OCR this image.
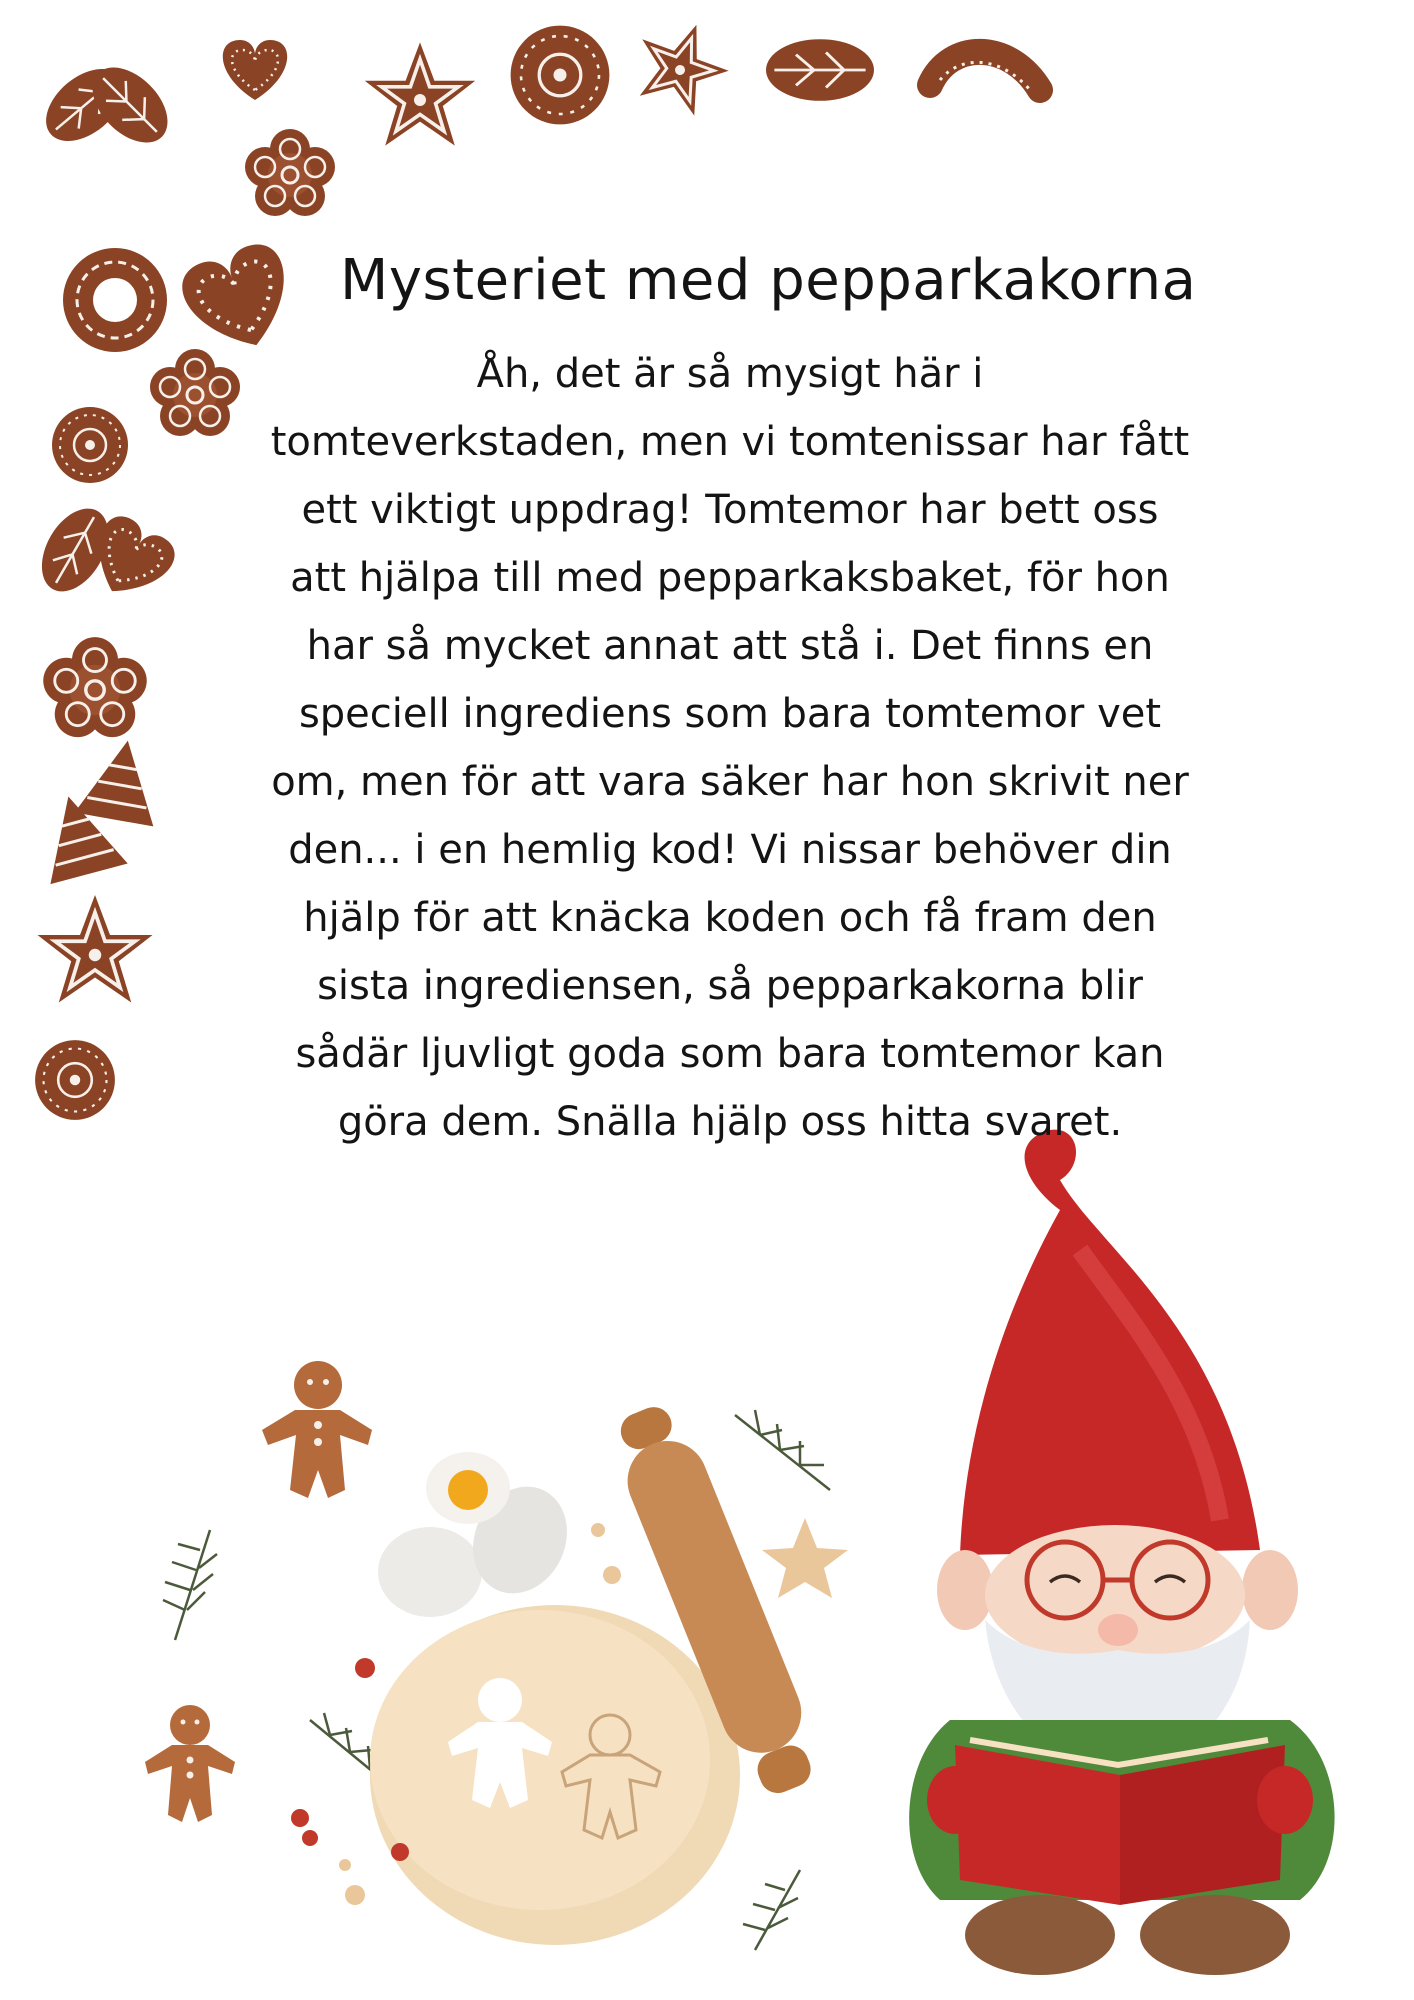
Mysteriet med pepparkakorna

Åh, det är så mysigt här i
tomteverkstaden, men vi tomtenissar har fått
ett viktigt uppdrag! Tomtemor har bett oss
att hjälpa till med pepparkaksbaket, för hon
har så mycket annat att stå i. Det finns en
speciell ingrediens som bara tomtemor vet
om, men för att vara säker har hon skrivit ner
den... i en hemlig kod! Vi nissar behöver din
hjälp för att knäcka koden och få fram den
sista ingrediensen, så pepparkakorna blir
sådär ljuvligt goda som bara tomtemor kan
göra dem. Snälla hjälp oss hitta svaret.
